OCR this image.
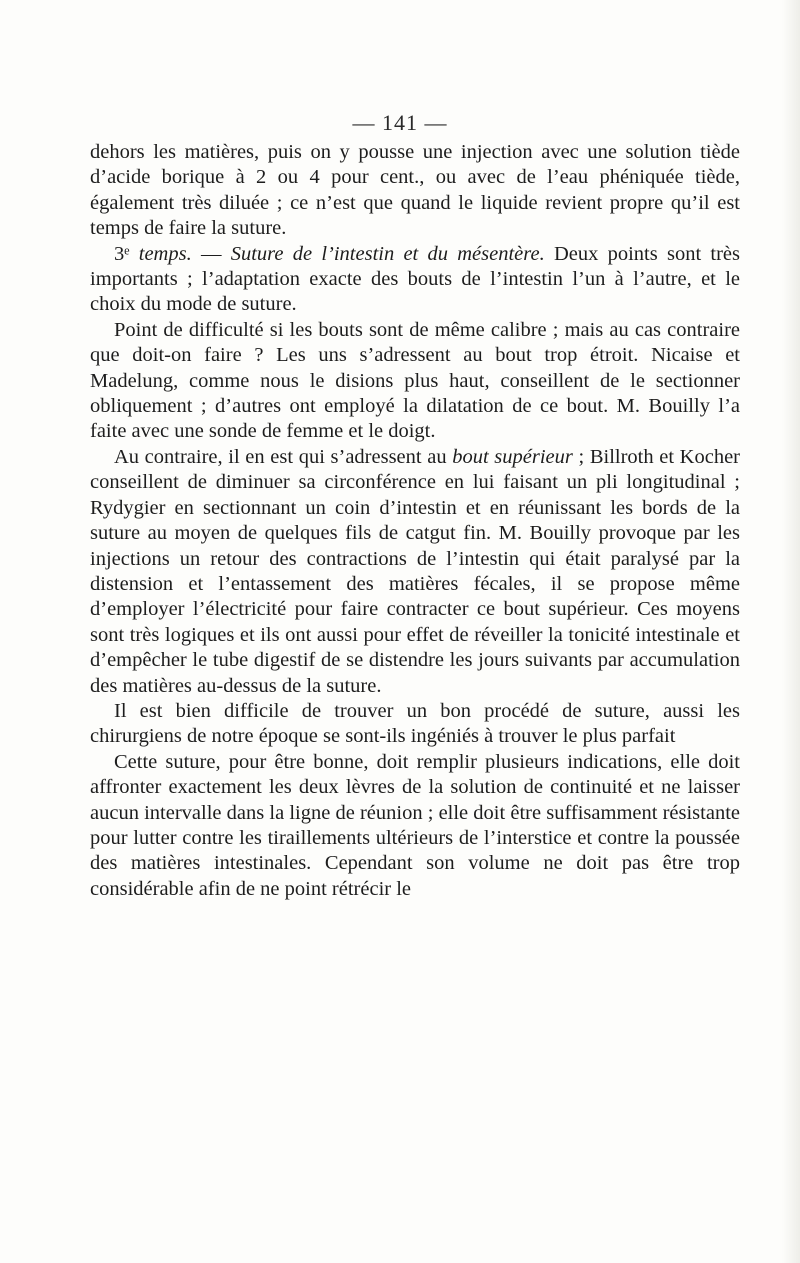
— 141 —

dehors les matières, puis on y pousse une injection avec une solution tiède d’acide borique à 2 ou 4 pour cent., ou avec de l’eau phéniquée tiède, également très diluée ; ce n’est que quand le liquide revient propre qu’il est temps de faire la suture.

3ᵉ temps. — Suture de l’intestin et du mésentère. Deux points sont très importants ; l’adaptation exacte des bouts de l’intestin l’un à l’autre, et le choix du mode de suture.

Point de difficulté si les bouts sont de même calibre ; mais au cas contraire que doit-on faire ? Les uns s’adressent au bout trop étroit. Nicaise et Madelung, comme nous le disions plus haut, conseillent de le sectionner obliquement ; d’autres ont employé la dilatation de ce bout. M. Bouilly l’a faite avec une sonde de femme et le doigt.

Au contraire, il en est qui s’adressent au bout supérieur ; Billroth et Kocher conseillent de diminuer sa circonférence en lui faisant un pli longitudinal ; Rydygier en sectionnant un coin d’intestin et en réunissant les bords de la suture au moyen de quelques fils de catgut fin. M. Bouilly provoque par les injections un retour des contractions de l’intestin qui était paralysé par la distension et l’entassement des matières fécales, il se propose même d’employer l’électricité pour faire contracter ce bout supérieur. Ces moyens sont très logiques et ils ont aussi pour effet de réveiller la tonicité intestinale et d’empêcher le tube digestif de se distendre les jours suivants par accumulation des matières au-dessus de la suture.

Il est bien difficile de trouver un bon procédé de suture, aussi les chirurgiens de notre époque se sont-ils ingéniés à trouver le plus parfait

Cette suture, pour être bonne, doit remplir plusieurs indications, elle doit affronter exactement les deux lèvres de la solution de continuité et ne laisser aucun intervalle dans la ligne de réunion ; elle doit être suffisamment résistante pour lutter contre les tiraillements ultérieurs de l’interstice et contre la poussée des matières intestinales. Cependant son volume ne doit pas être trop considérable afin de ne point rétrécir le
